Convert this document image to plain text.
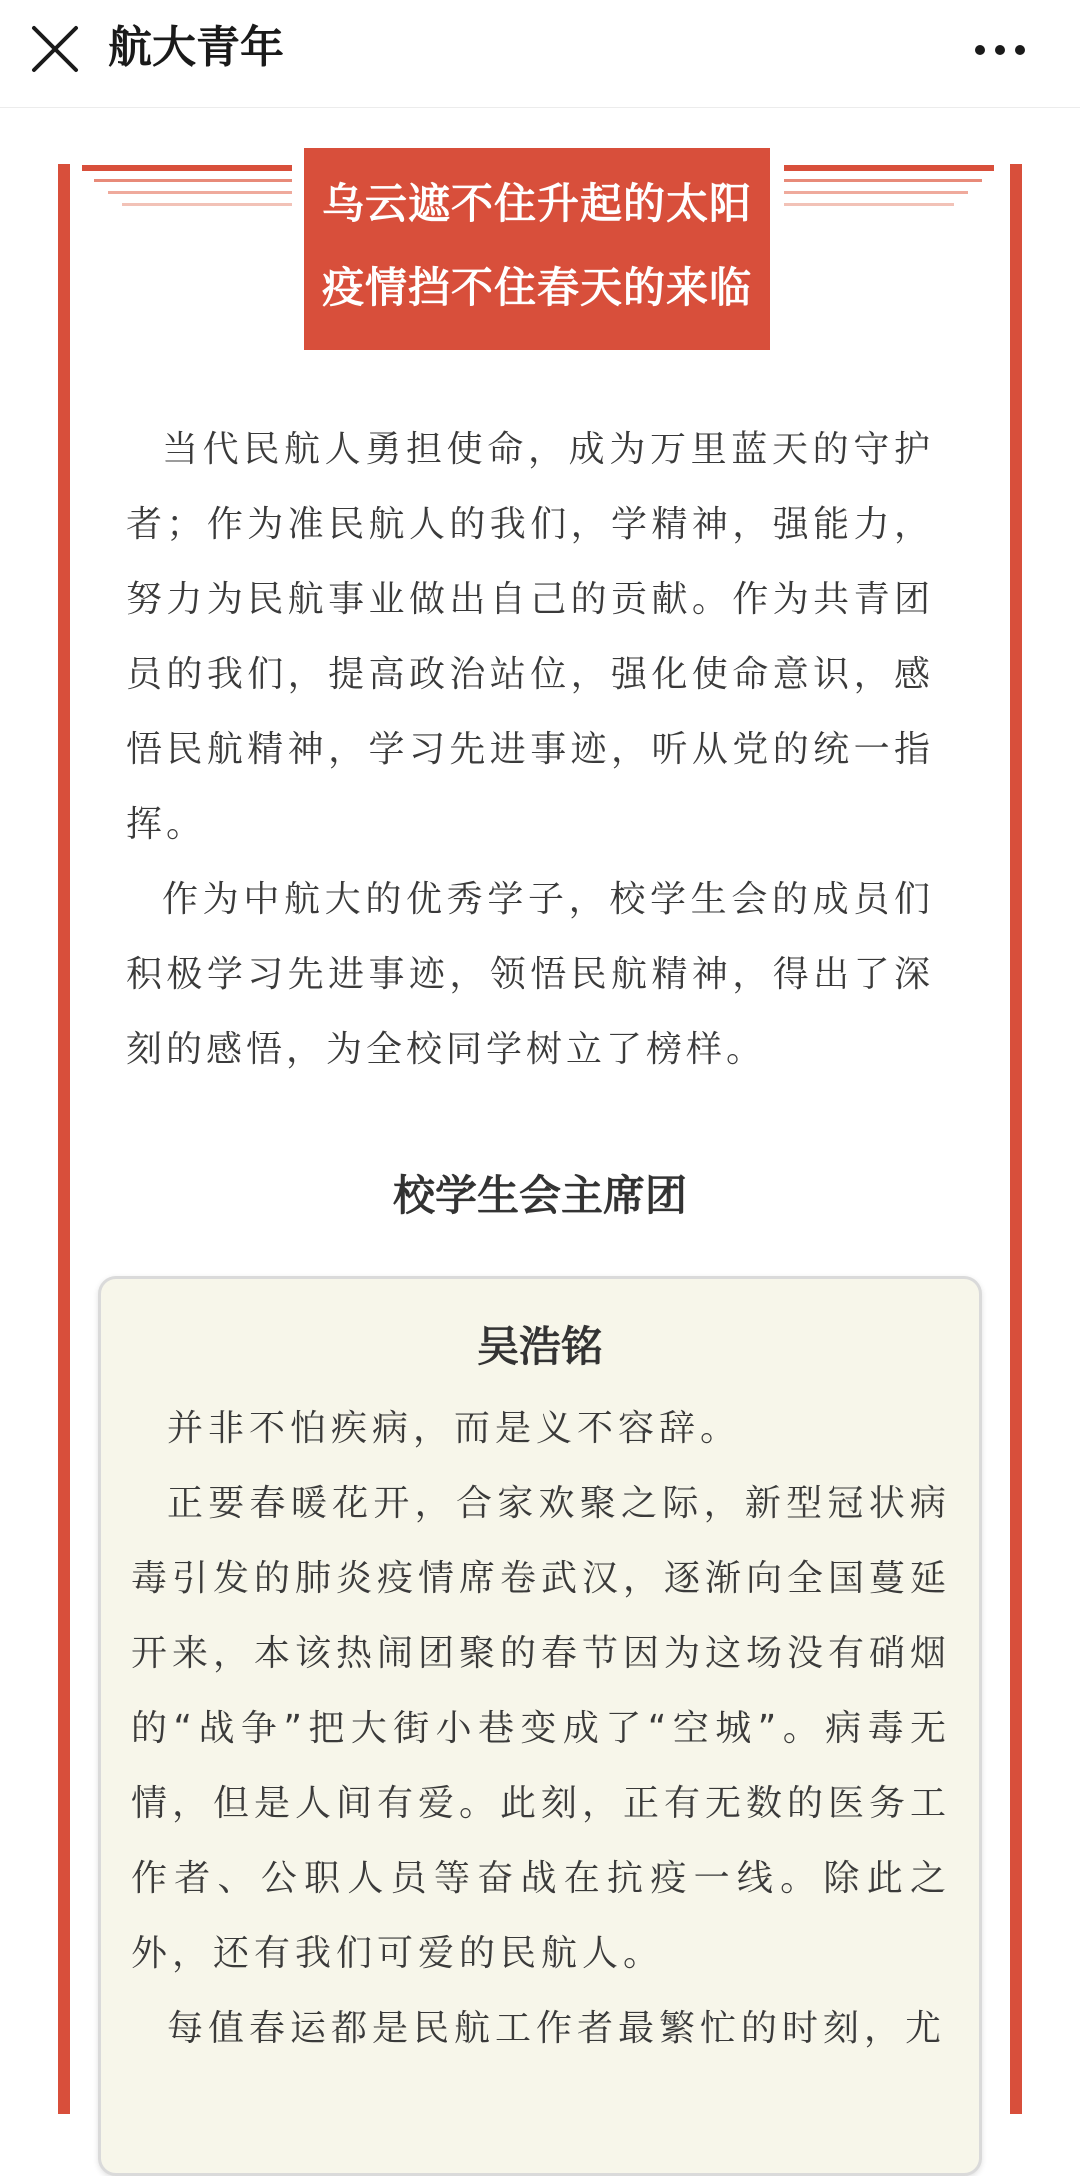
航大青年
乌云遮不住升起的太阳
疫情挡不住春天的来临

当代民航人勇担使命，成为万里蓝天的守护者；作为准民航人的我们，学精神，强能力，努力为民航事业做出自己的贡献。作为共青团员的我们，提高政治站位，强化使命意识，感悟民航精神，学习先进事迹，听从党的统一指挥。

作为中航大的优秀学子，校学生会的成员们积极学习先进事迹，领悟民航精神，得出了深刻的感悟，为全校同学树立了榜样。

校学生会主席团
吴浩铭

并非不怕疾病，而是义不容辞。

正要春暖花开，合家欢聚之际，新型冠状病毒引发的肺炎疫情席卷武汉，逐渐向全国蔓延开来，本该热闹团聚的春节因为这场没有硝烟的“战争”把大街小巷变成了“空城”。病毒无情，但是人间有爱。此刻，正有无数的医务工作者、公职人员等奋战在抗疫一线。除此之外，还有我们可爱的民航人。

每值春运都是民航工作者最繁忙的时刻，尤
